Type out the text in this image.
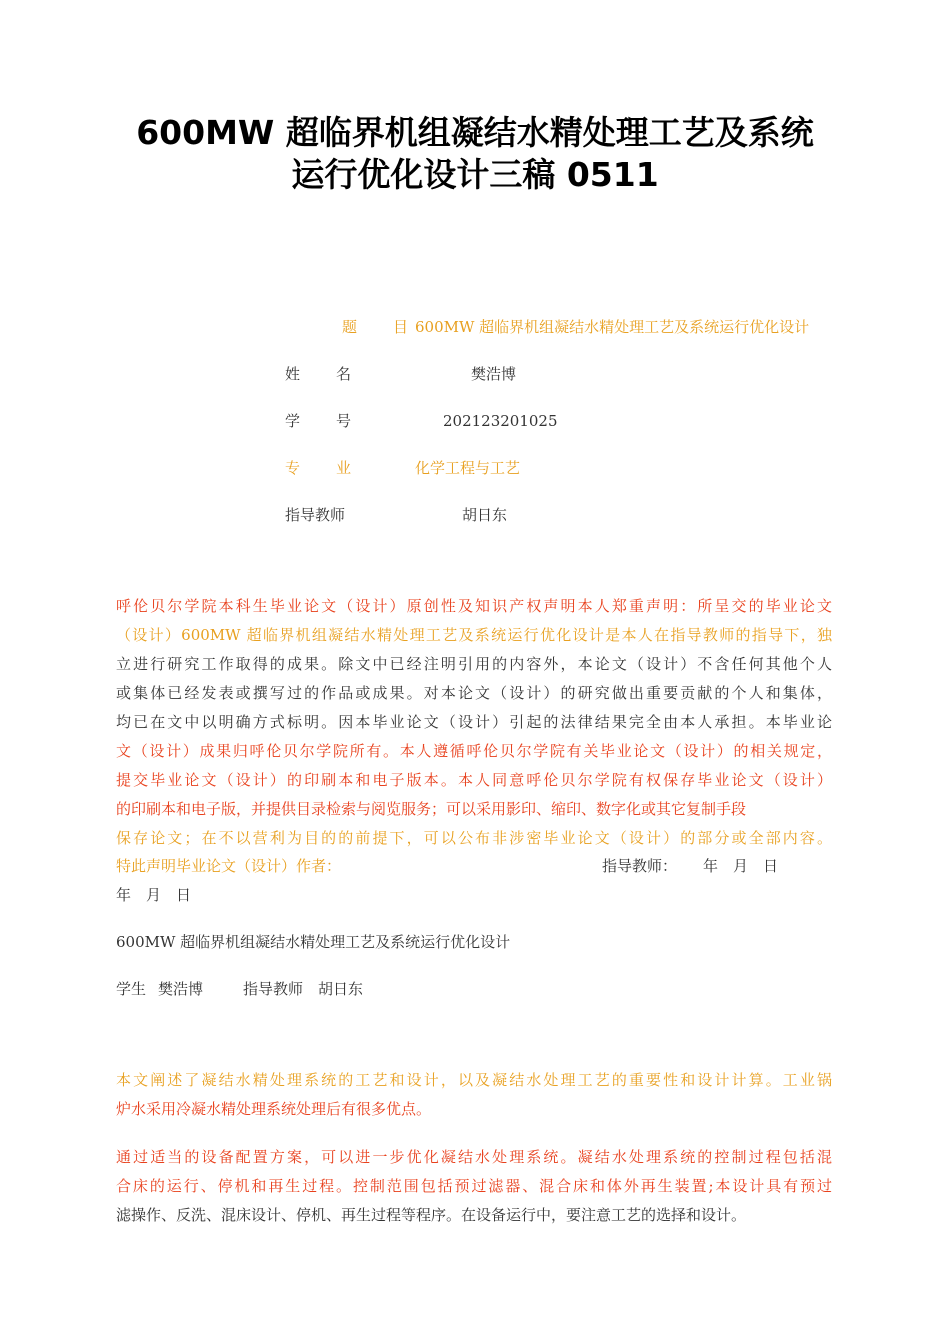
600MW 超临界机组凝结水精处理工艺及系统
运行优化设计三稿 0511
题 目 600MW 超临界机组凝结水精处理工艺及系统运行优化设计
姓 名	樊浩博
学 号	202123201025
专 业	化学工程与工艺
指导教师	胡日东
呼伦贝尔学院本科生毕业论文（设计）原创性及知识产权声明本人郑重声明：所呈交的毕业论文
（设计）600MW 超临界机组凝结水精处理工艺及系统运行优化设计是本人在指导教师的指导下，独
立进行研究工作取得的成果。除文中已经注明引用的内容外，本论文（设计）不含任何其他个人
或集体已经发表或撰写过的作品或成果。对本论文（设计）的研究做出重要贡献的个人和集体，
均已在文中以明确方式标明。因本毕业论文（设计）引起的法律结果完全由本人承担。本毕业论
文（设计）成果归呼伦贝尔学院所有。本人遵循呼伦贝尔学院有关毕业论文（设计）的相关规定，
提交毕业论文（设计）的印刷本和电子版本。本人同意呼伦贝尔学院有权保存毕业论文（设计）
的印刷本和电子版，并提供目录检索与阅览服务；可以采用影印、缩印、数字化或其它复制手段
保存论文；在不以营利为目的的前提下，可以公布非涉密毕业论文（设计）的部分或全部内容。
特此声明毕业论文（设计）作者：	指导教师： 年　月　日
年　月　日
600MW 超临界机组凝结水精处理工艺及系统运行优化设计
学生 樊浩博	指导教师 胡日东
本文阐述了凝结水精处理系统的工艺和设计，以及凝结水处理工艺的重要性和设计计算。工业锅
炉水采用冷凝水精处理系统处理后有很多优点。
通过适当的设备配置方案，可以进一步优化凝结水处理系统。凝结水处理系统的控制过程包括混
合床的运行、停机和再生过程。控制范围包括预过滤器、混合床和体外再生装置;本设计具有预过
滤操作、反洗、混床设计、停机、再生过程等程序。在设备运行中，要注意工艺的选择和设计。
